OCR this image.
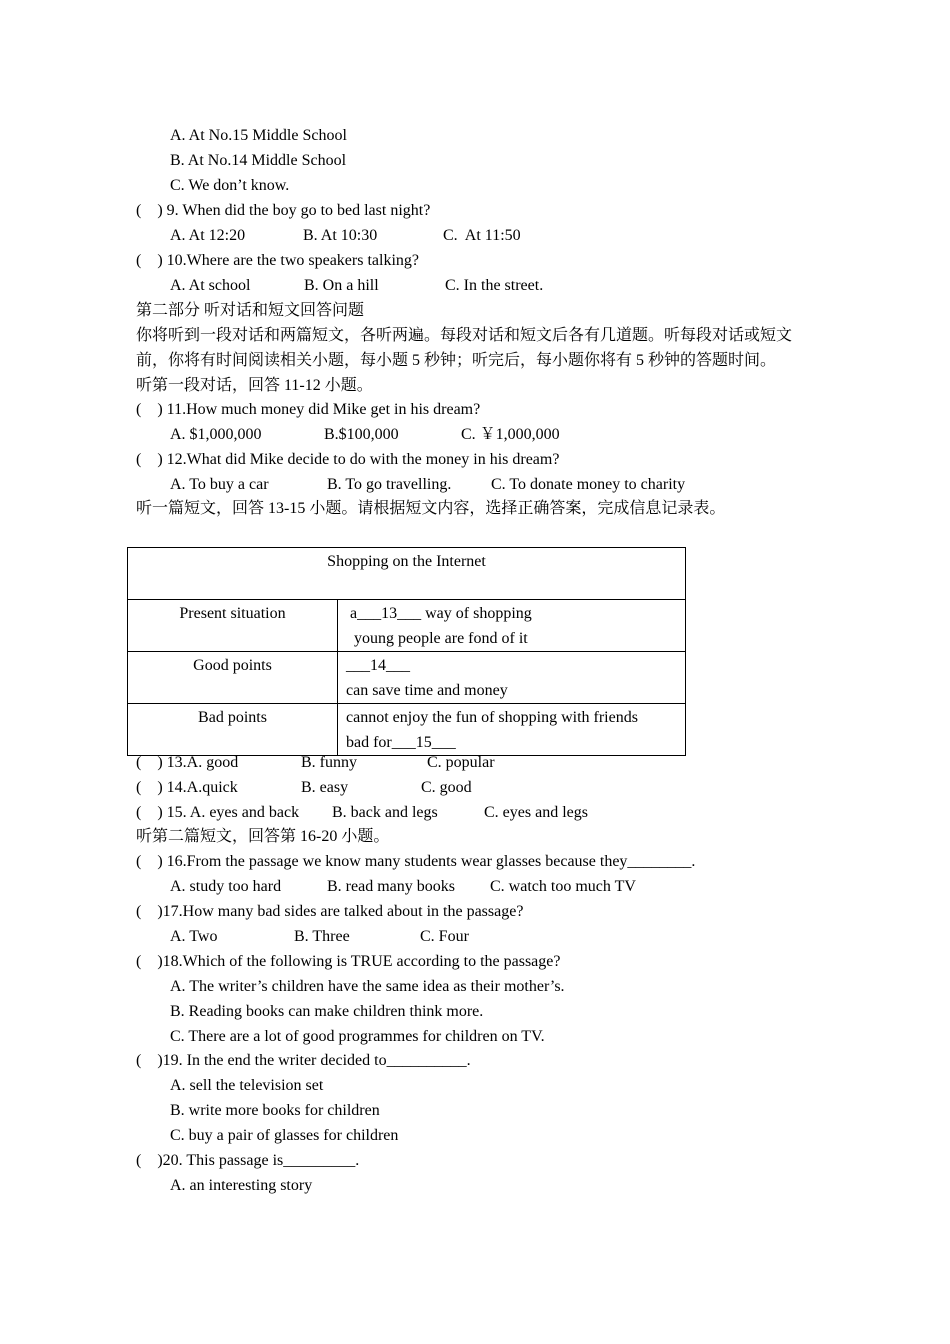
A. At No.15 Middle School
B. At No.14 Middle School
C. We don’t know.
(    ) 9. When did the boy go to bed last night?
A. At 12:20	B. At 10:30	C.  At 11:50
(    ) 10.Where are the two speakers talking?
A. At school	B. On a hill	C. In the street.
第二部分 听对话和短文回答问题
你将听到一段对话和两篇短文，各听两遍。每段对话和短文后各有几道题。听每段对话或短文
前，你将有时间阅读相关小题，每小题 5 秒钟；听完后，每小题你将有 5 秒钟的答题时间。
听第一段对话，回答 11-12 小题。
(    ) 11.How much money did Mike get in his dream?
A. $1,000,000	B.$100,000	C. ￥1,000,000
(    ) 12.What did Mike decide to do with the money in his dream?
A. To buy a car	B. To go travelling. C. To donate money to charity
听一篇短文，回答 13-15 小题。请根据短文内容，选择正确答案，完成信息记录表。
Shopping on the Internet	
Present situation	a___13___ way of shopping
young people are fond of it

Good points	___14___
can save time and money

Bad points	cannot enjoy the fun of shopping with friends
bad for___15___
(    ) 13.A. good	B. funny	C. popular
(    ) 14.A.quick	B. easy	C. good
(    ) 15. A. eyes and back B. back and legs	C. eyes and legs
听第二篇短文，回答第 16-20 小题。
(    ) 16.From the passage we know many students wear glasses because they________.
A. study too hard	B. read many books C. watch too much TV
(    )17.How many bad sides are talked about in the passage?
A. Two	B. Three	C. Four
(    )18.Which of the following is TRUE according to the passage?
A. The writer’s children have the same idea as their mother’s.
B. Reading books can make children think more.
C. There are a lot of good programmes for children on TV.
(    )19. In the end the writer decided to__________.
A. sell the television set
B. write more books for children
C. buy a pair of glasses for children
(    )20. This passage is_________.
A. an interesting story
